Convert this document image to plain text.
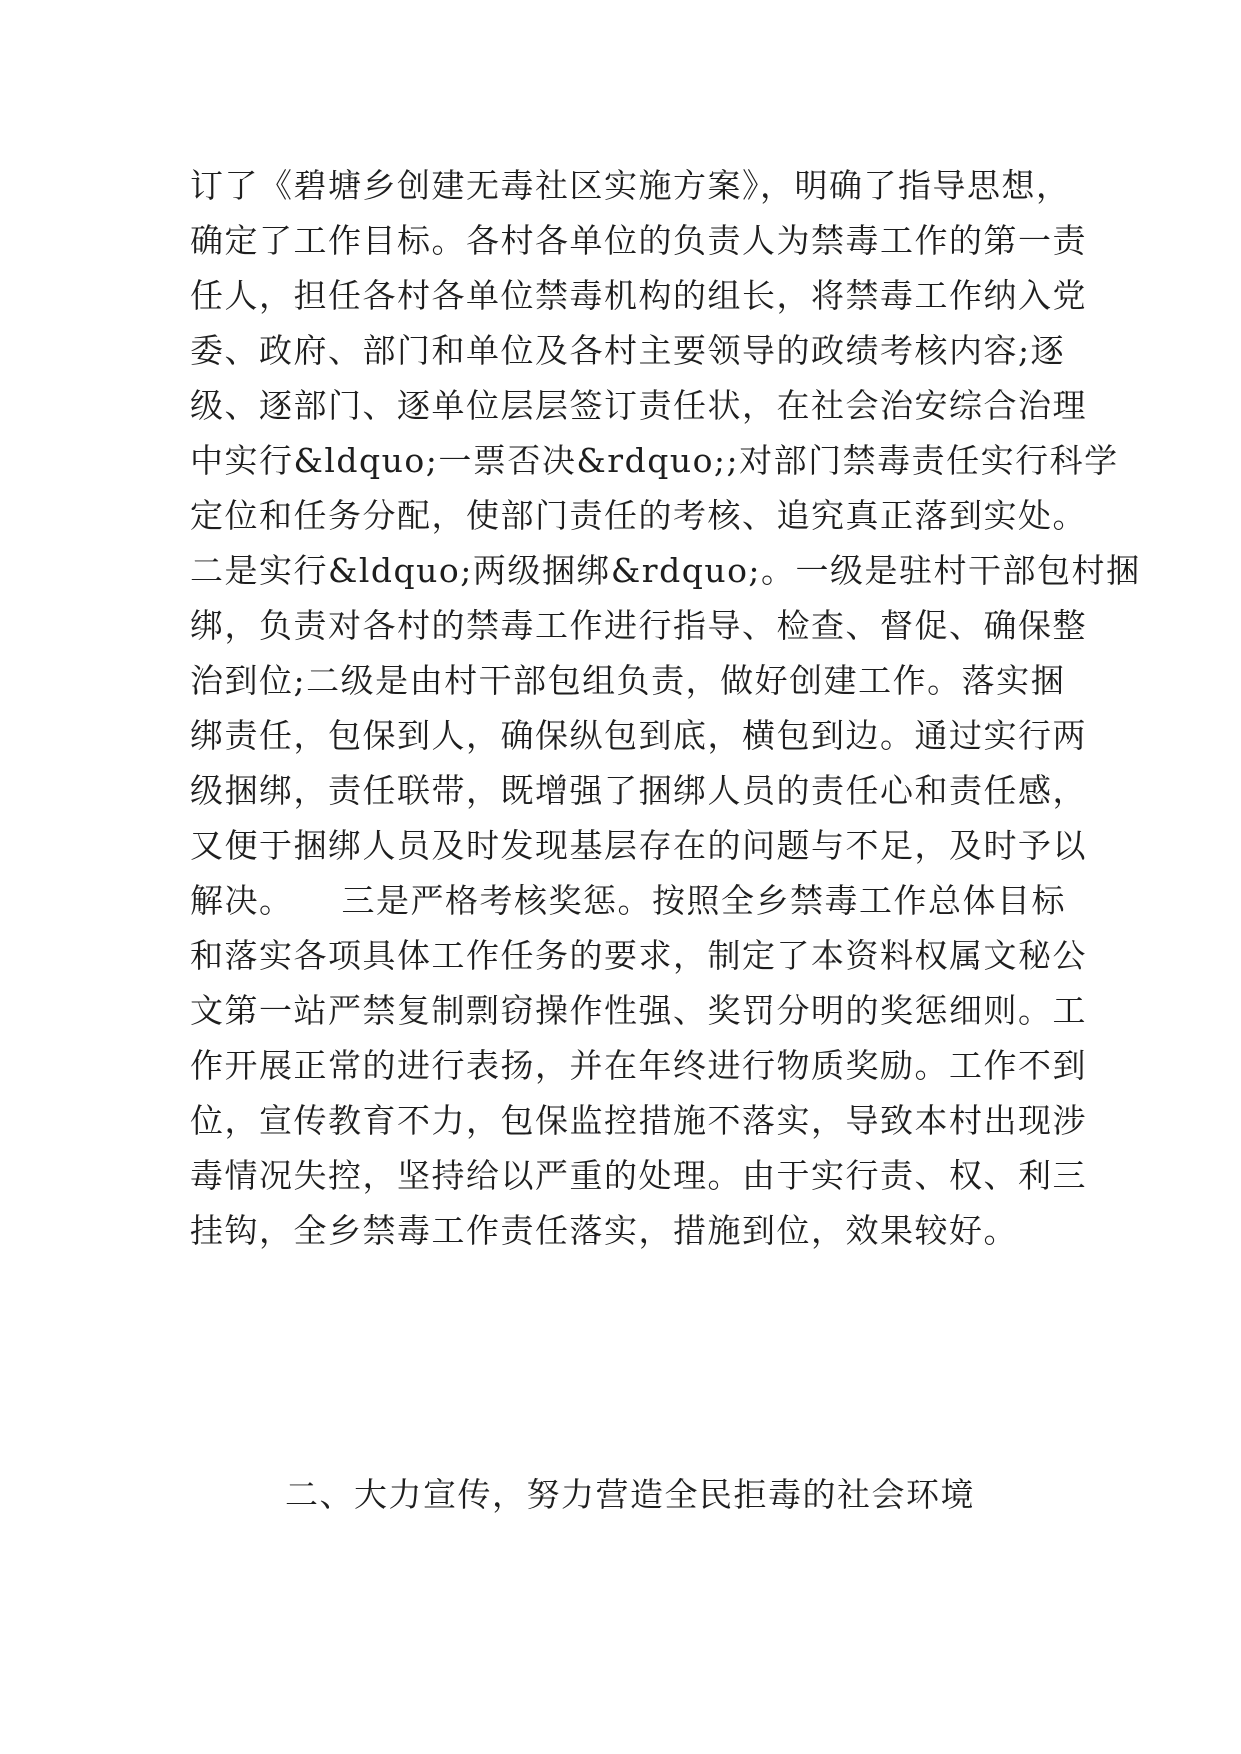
订了《碧塘乡创建无毒社区实施方案》，明确了指导思想，
确定了工作目标。各村各单位的负责人为禁毒工作的第一责
任人，担任各村各单位禁毒机构的组长，将禁毒工作纳入党
委、政府、部门和单位及各村主要领导的政绩考核内容;逐
级、逐部门、逐单位层层签订责任状，在社会治安综合治理
中实行&ldquo;一票否决&rdquo;;对部门禁毒责任实行科学
定位和任务分配，使部门责任的考核、追究真正落到实处。
二是实行&ldquo;两级捆绑&rdquo;。一级是驻村干部包村捆
绑，负责对各村的禁毒工作进行指导、检查、督促、确保整
治到位;二级是由村干部包组负责，做好创建工作。落实捆
绑责任，包保到人，确保纵包到底，横包到边。通过实行两
级捆绑，责任联带，既增强了捆绑人员的责任心和责任感，
又便于捆绑人员及时发现基层存在的问题与不足，及时予以
解决。    三是严格考核奖惩。按照全乡禁毒工作总体目标
和落实各项具体工作任务的要求，制定了本资料权属文秘公
文第一站严禁复制剽窃操作性强、奖罚分明的奖惩细则。工
作开展正常的进行表扬，并在年终进行物质奖励。工作不到
位，宣传教育不力，包保监控措施不落实，导致本村出现涉
毒情况失控，坚持给以严重的处理。由于实行责、权、利三
挂钩，全乡禁毒工作责任落实，措施到位，效果较好。
二、大力宣传，努力营造全民拒毒的社会环境
